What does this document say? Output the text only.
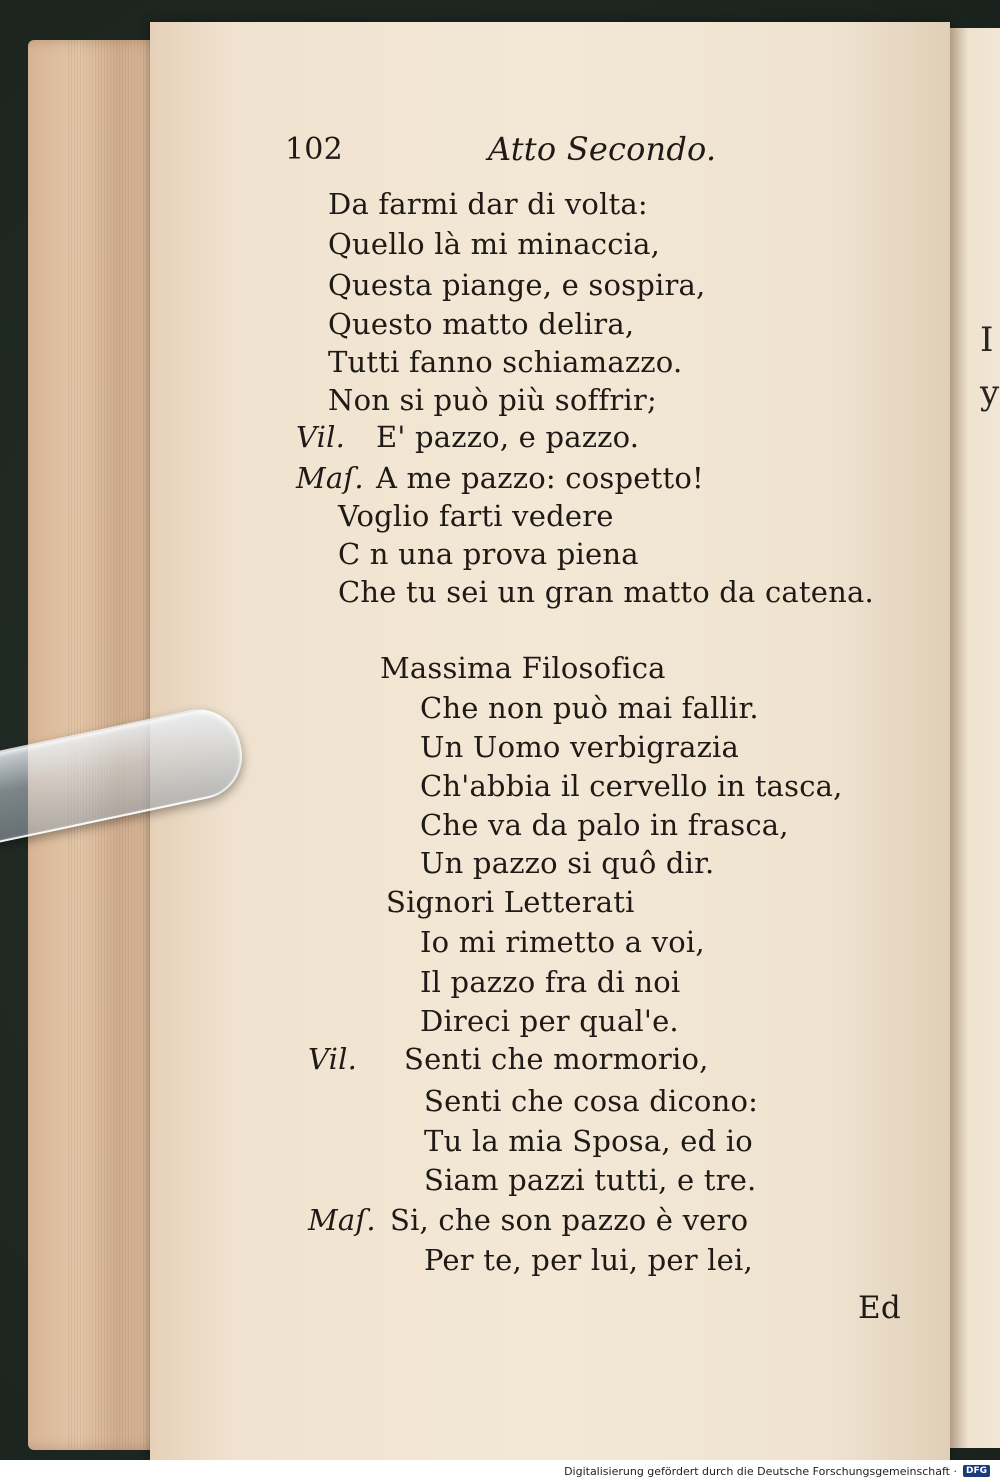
I
y
102	Atto Secondo.
Da farmi dar di volta:
Quello là mi minaccia,
Questa piange, e sospira,
Questo matto delira,
Tutti fanno schiamazzo.
Non si può più soffrir;
Vil. E' pazzo, e pazzo.
Maſ. A me pazzo: cospetto!
Voglio farti vedere
C n una prova piena
Che tu sei un gran matto da catena.
Massima Filosofica
Che non può mai fallir.
Un Uomo verbigrazia
Ch'abbia il cervello in tasca,
Che va da palo in frasca,
Un pazzo si quô dir.
Signori Letterati
Io mi rimetto a voi,
Il pazzo fra di noi
Direci per qual'e.
Vil. Senti che mormorio,
Senti che cosa dicono:
Tu la mia Sposa, ed io
Siam pazzi tutti, e tre.
Maſ. Si, che son pazzo è vero
Per te, per lui, per lei,
Ed
Digitalisierung gefördert durch die Deutsche Forschungsgemeinschaft ·	DFG
